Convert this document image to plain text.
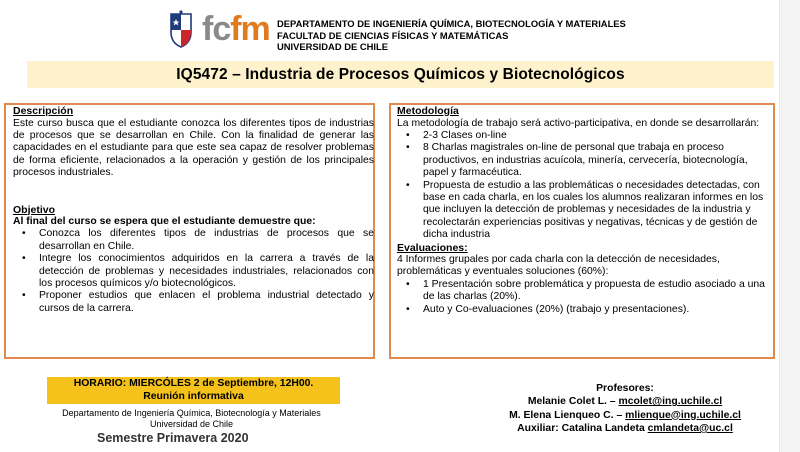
fcfm DEPARTAMENTO DE INGENIERÍA QUÍMICA, BIOTECNOLOGÍA Y MATERIALES
FACULTAD DE CIENCIAS FÍSICAS Y MATEMÁTICAS
UNIVERSIDAD DE CHILE
IQ5472 – Industria de Procesos Químicos y Biotecnológicos
Descripción
Este curso busca que el estudiante conozca los diferentes tipos de industrias de procesos que se desarrollan en Chile. Con la finalidad de generar las capacidades en el estudiante para que este sea capaz de resolver problemas de forma eficiente, relacionados a la operación y gestión de los principales procesos industriales.
Objetivo
Al final del curso se espera que el estudiante demuestre que:
• Conozca los diferentes tipos de industrias de procesos que se desarrollan en Chile.
• Integre los conocimientos adquiridos en la carrera a través de la detección de problemas y necesidades industriales, relacionados con los procesos químicos y/o biotecnológicos.
• Proponer estudios que enlacen el problema industrial detectado y cursos de la carrera.
Metodología
La metodología de trabajo será activo-participativa, en donde se desarrollarán:
• 2-3 Clases on-line
• 8 Charlas magistrales on-line de personal que trabaja en proceso productivos, en industrias acuícola, minería, cervecería, biotecnología, papel y farmacéutica.
• Propuesta de estudio a las problemáticas o necesidades detectadas, con base en cada charla, en los cuales los alumnos realizaran informes en los que incluyen la detección de problemas y necesidades de la industria y recolectarán experiencias positivas y negativas, técnicas y de gestión de dicha industria
Evaluaciones:
4 Informes grupales por cada charla con la detección de necesidades, problemáticas y eventuales soluciones (60%):
• 1 Presentación sobre problemática y propuesta de estudio asociado a una de las charlas (20%).
• Auto y Co-evaluaciones (20%) (trabajo y presentaciones).
HORARIO: MIERCÓLES 2 de Septiembre, 12H00.
Reunión informativa
Departamento de Ingeniería Química, Biotecnología y Materiales
Universidad de Chile
Semestre Primavera 2020
Profesores:
Melanie Colet L. – mcolet@ing.uchile.cl
M. Elena Lienqueo C. – mlienque@ing.uchile.cl
Auxiliar: Catalina Landeta cmlandeta@uc.cl
